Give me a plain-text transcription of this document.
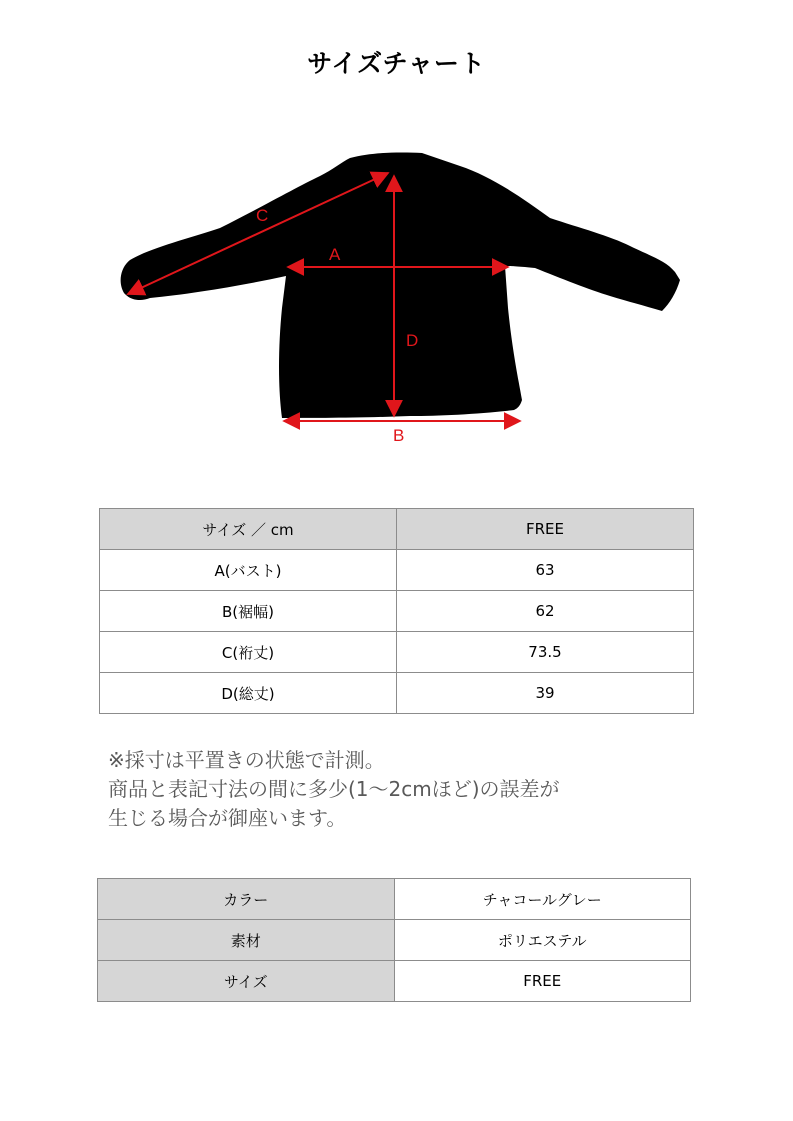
サイズチャート
C
A
D
B
サイズ ／ cm	FREE
A(バスト)	63
B(裾幅)	62
C(裄丈)	73.5
D(総丈)	39
※採寸は平置きの状態で計測。
商品と表記寸法の間に多少(1〜2cmほど)の誤差が
生じる場合が御座います。
カラー	チャコールグレー
素材	ポリエステル
サイズ	FREE
